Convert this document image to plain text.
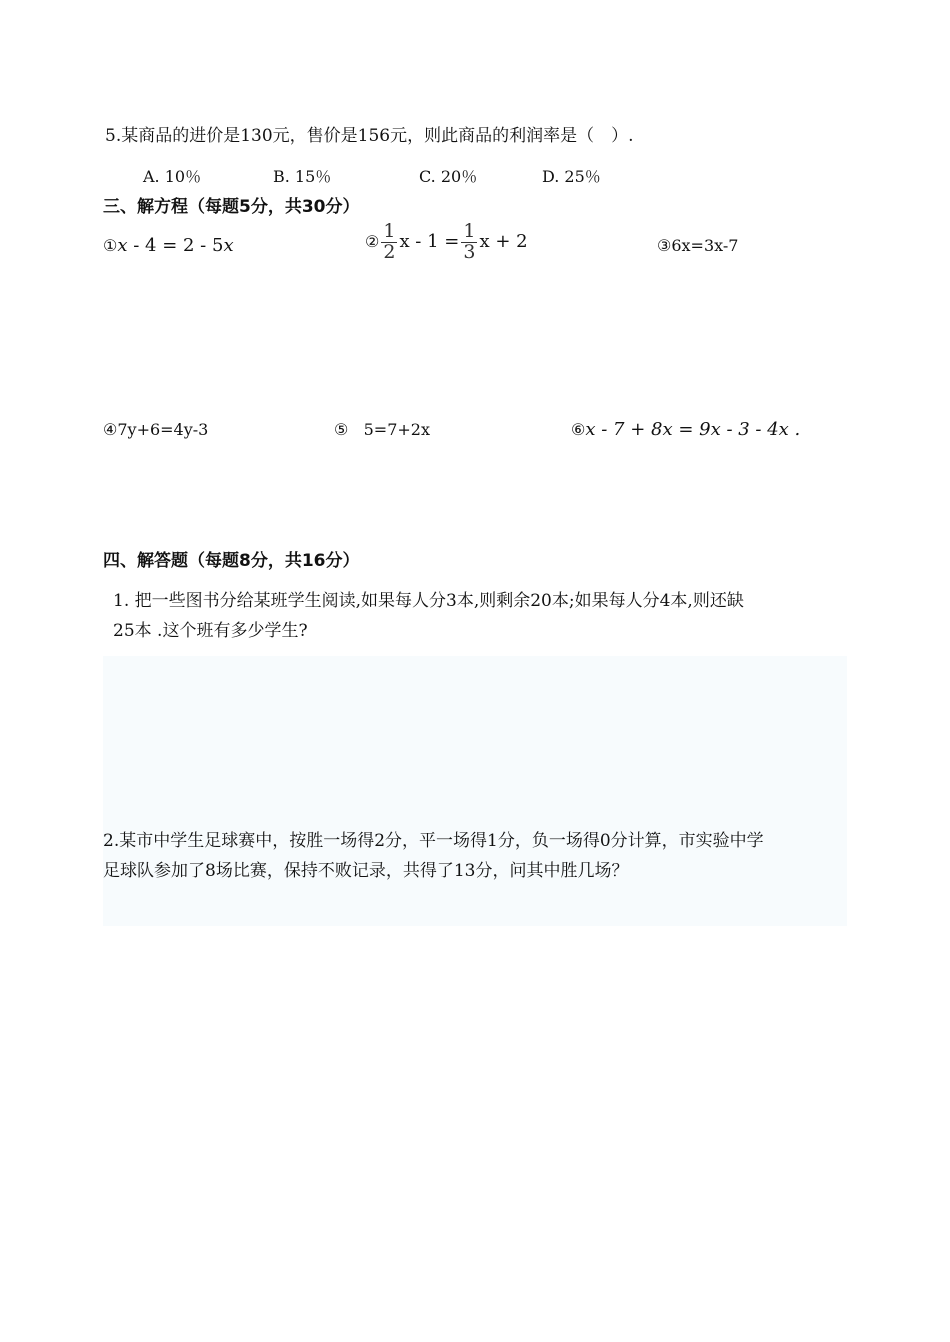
5.某商品的进价是130元，售价是156元，则此商品的利润率是（　）.
A. 10％	B. 15％	C. 20％	D. 25％
三、解方程（每题5分，共30分）
①x - 4 = 2 - 5x	② $\frac{1}{2}$ $x - 1 = \frac{1}{3}$ x + 2	③6x=3x-7
④7y+6=4y-3	⑤ 5=7+2x	⑥x - 7 + 8x = 9x - 3 - 4x .
四、解答题（每题8分，共16分）
1. 把一些图书分给某班学生阅读,如果每人分3本,则剩余20本;如果每人分4本,则还缺
25本 .这个班有多少学生?
2.某市中学生足球赛中，按胜一场得2分，平一场得1分，负一场得0分计算，市实验中学
足球队参加了8场比赛，保持不败记录，共得了13分，问其中胜几场？
